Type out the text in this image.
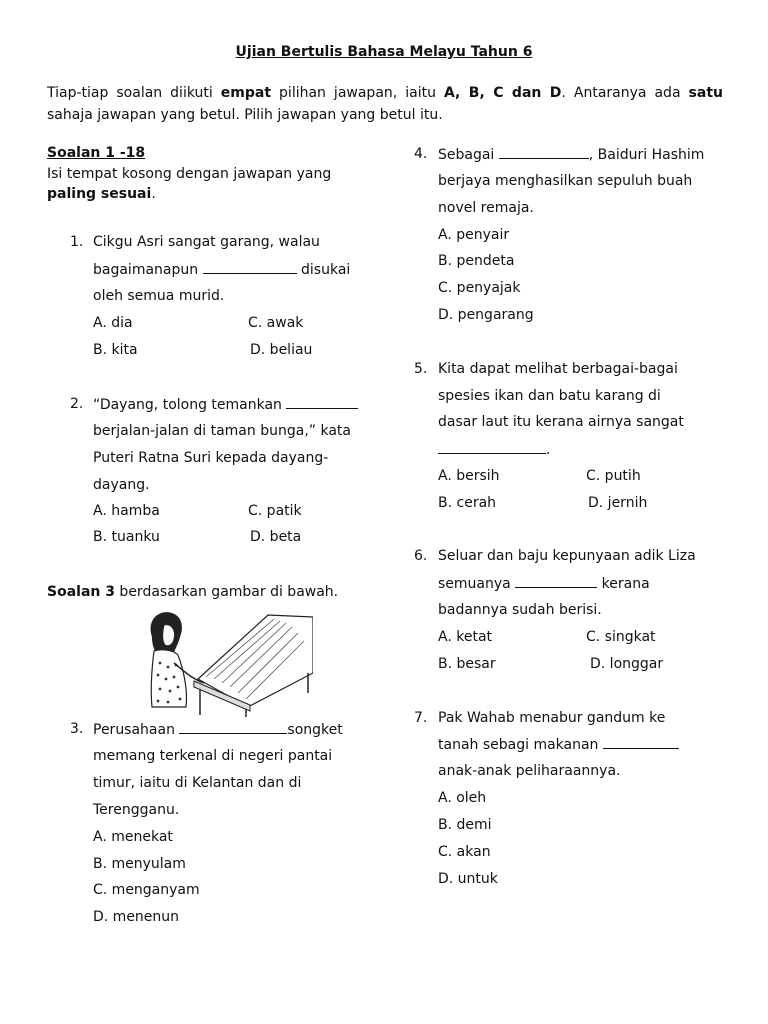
Ujian Bertulis Bahasa Melayu Tahun 6
Tiap-tiap soalan diikuti empat pilihan jawapan, iaitu A, B, C dan D. Antaranya ada satu sahaja jawapan yang betul. Pilih jawapan yang betul itu.
Soalan 1 -18
Isi tempat kosong dengan jawapan yang
paling sesuai.
1. Cikgu Asri sangat garang, walau
bagaimanapun	disukai
oleh semua murid.
A. dia	C. awak
B. kita	D. beliau
2. “Dayang, tolong temankan
berjalan-jalan di taman bunga,” kata
Puteri Ratna Suri kepada dayang-
dayang.
A. hamba	C. patik
B. tuanku	D. beta
Soalan 3 berdasarkan gambar di bawah.
3. Perusahaan	songket
memang terkenal di negeri pantai
timur, iaitu di Kelantan dan di
Terengganu.
A. menekat
B. menyulam
C. menganyam
D. menenun
4. Sebagai	, Baiduri Hashim
berjaya menghasilkan sepuluh buah
novel remaja.
A. penyair
B. pendeta
C. penyajak
D. pengarang
5. Kita dapat melihat berbagai-bagai
spesies ikan dan batu karang di
dasar laut itu kerana airnya sangat
.
A. bersih	C. putih
B. cerah	D. jernih
6. Seluar dan baju kepunyaan adik Liza
semuanya	kerana
badannya sudah berisi.
A. ketat	C. singkat
B. besar	D. longgar
7. Pak Wahab menabur gandum ke
tanah sebagi makanan
anak-anak peliharaannya.
A. oleh
B. demi
C. akan
D. untuk
